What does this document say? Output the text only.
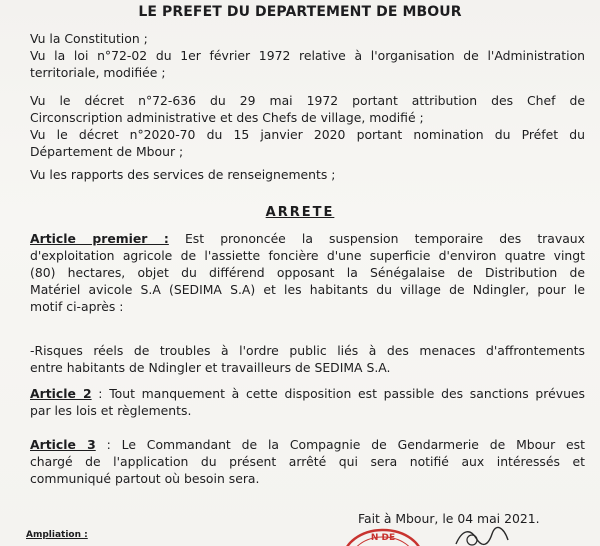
LE PREFET DU DEPARTEMENT DE MBOUR
Vu la Constitution ;
Vu la loi n°72-02 du 1er février 1972 relative à l'organisation de l'Administration
territoriale, modifiée ;
Vu le décret n°72-636 du 29 mai 1972 portant attribution des Chef de
Circonscription administrative et des Chefs de village, modifié ;
Vu le décret n°2020-70 du 15 janvier 2020 portant nomination du Préfet du
Département de Mbour ;
Vu les rapports des services de renseignements ;
ARRETE
Article premier : Est prononcée la suspension temporaire des travaux
d'exploitation agricole de l'assiette foncière d'une superficie d'environ quatre vingt
(80) hectares, objet du différend opposant la Sénégalaise de Distribution de
Matériel avicole S.A (SEDIMA S.A) et les habitants du village de Ndingler, pour le
motif ci-après :
-Risques réels de troubles à l'ordre public liés à des menaces d'affrontements
entre habitants de Ndingler et travailleurs de SEDIMA S.A.
Article 2 : Tout manquement à cette disposition est passible des sanctions prévues
par les lois et règlements.
Article 3 : Le Commandant de la Compagnie de Gendarmerie de Mbour est
chargé de l'application du présent arrêté qui sera notifié aux intéressés et
communiqué partout où besoin sera.
Fait à Mbour, le 04 mai 2021.
Ampliation :	N DE
